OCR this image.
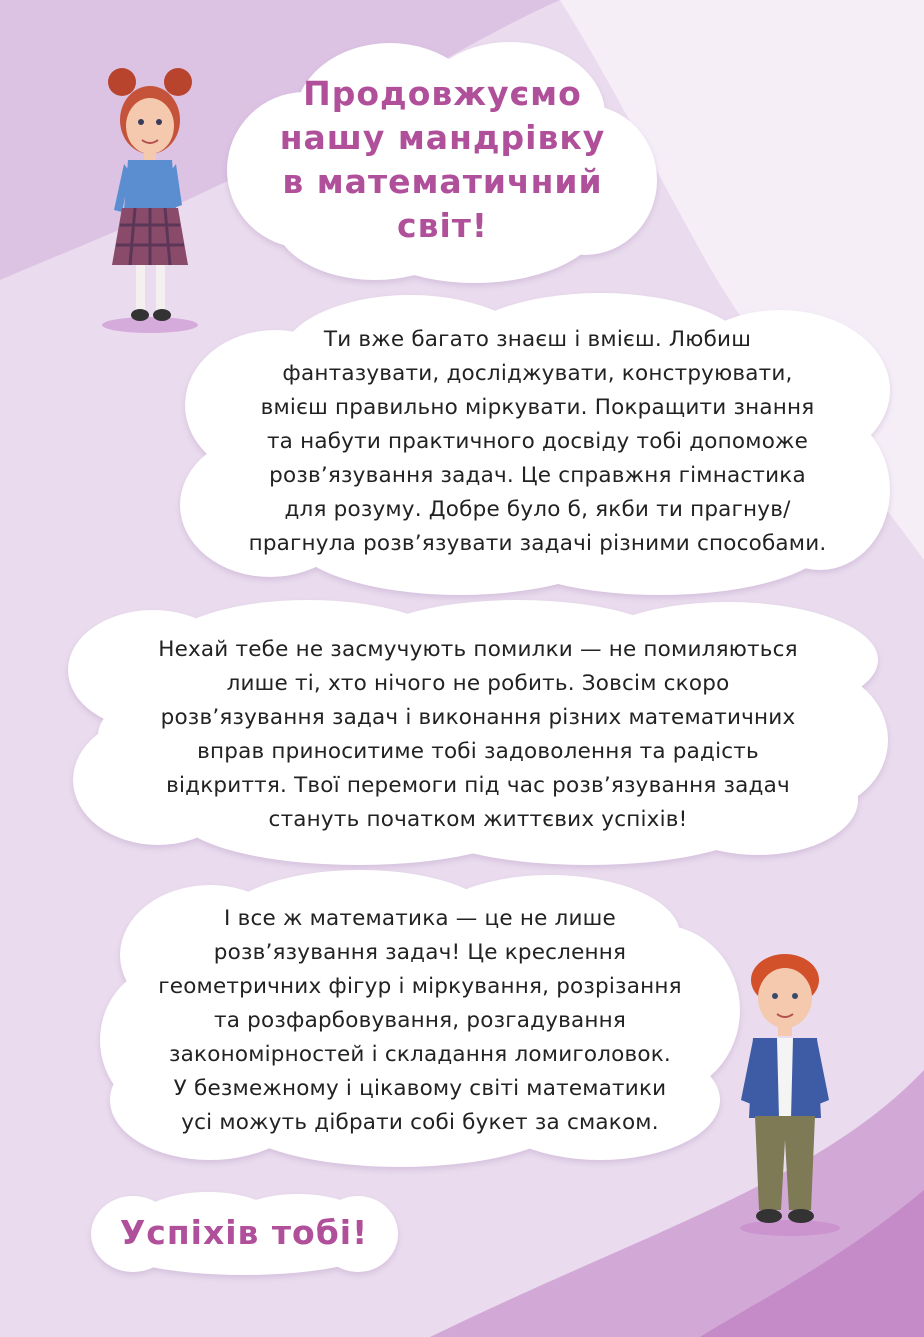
Продовжуємо
нашу мандрівку
в математичний
світ!
Ти вже багато знаєш і вмієш. Любиш
фантазувати, досліджувати, конструювати,
вмієш правильно міркувати. Покращити знання
та набути практичного досвіду тобі допоможе
розв’язування задач. Це справжня гімнастика
для розуму. Добре було б, якби ти прагнув/
прагнула розв’язувати задачі різними способами.
Нехай тебе не засмучують помилки — не помиляються
лише ті, хто нічого не робить. Зовсім скоро
розв’язування задач і виконання різних математичних
вправ приноситиме тобі задоволення та радість
відкриття. Твої перемоги під час розв’язування задач
стануть початком життєвих успіхів!
І все ж математика — це не лише
розв’язування задач! Це креслення
геометричних фігур і міркування, розрізання
та розфарбовування, розгадування
закономірностей і складання ломиголовок.
У безмежному і цікавому світі математики
усі можуть дібрати собі букет за смаком.
Успіхів тобі!
